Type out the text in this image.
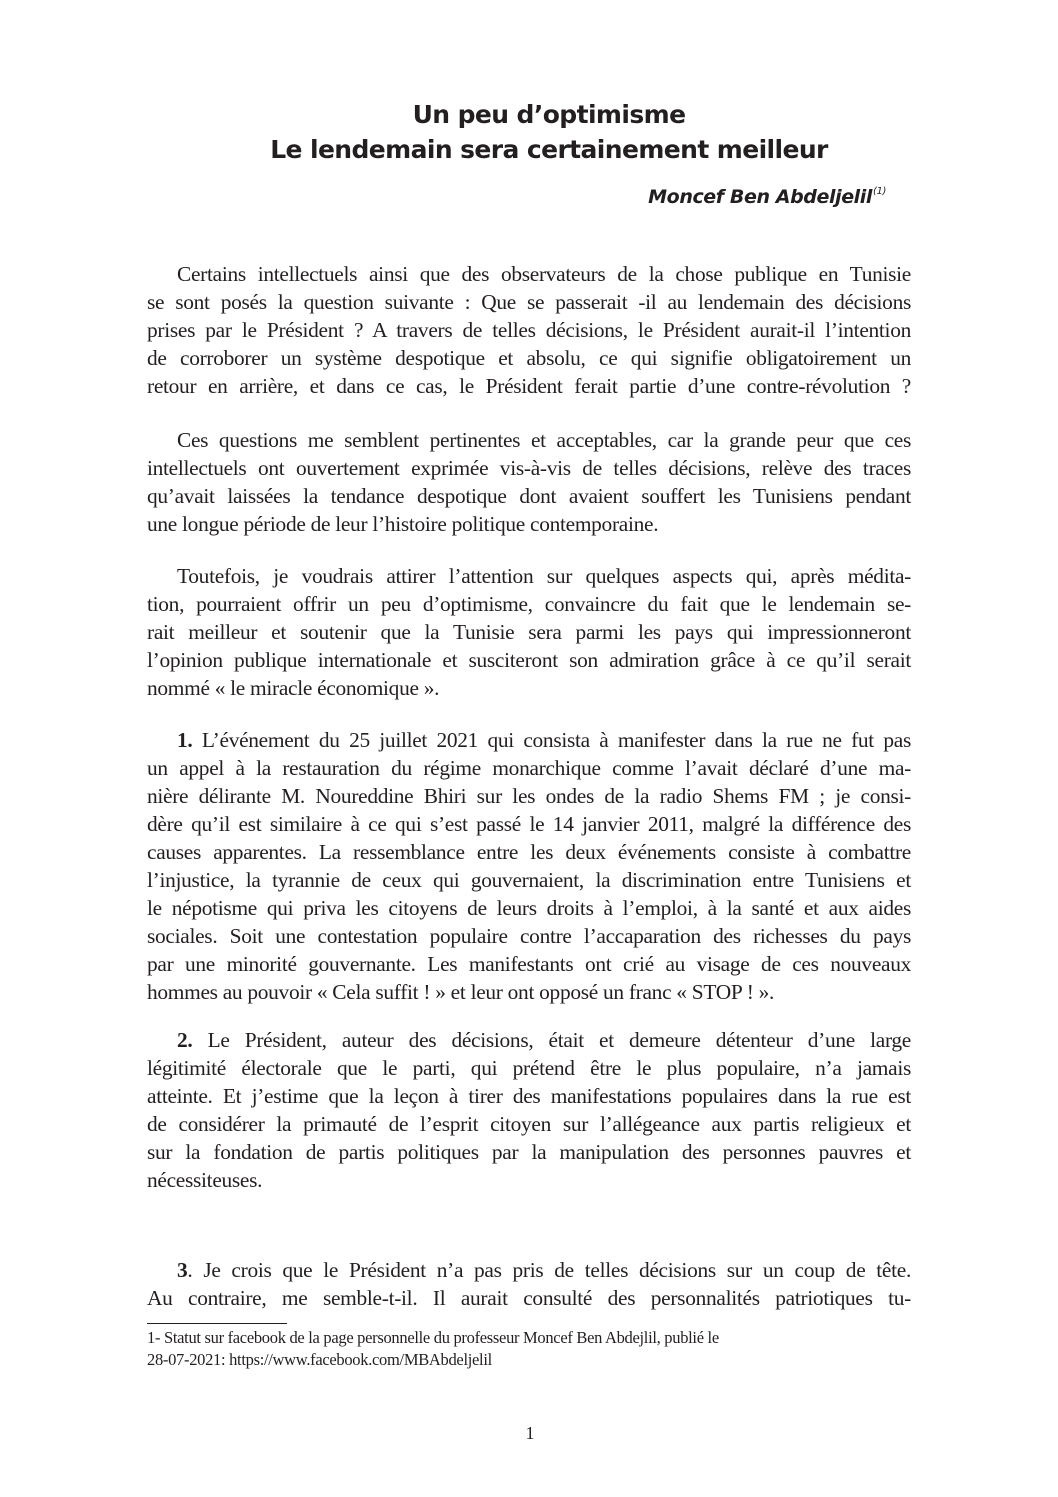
Un peu d’optimisme
Le lendemain sera certainement meilleur
Moncef Ben Abdeljelil$^{(1)}$
Certains intellectuels ainsi que des observateurs de la chose publique en Tunisie
se sont posés la question suivante : Que se passerait -il au lendemain des décisions
prises par le Président ? A travers de telles décisions, le Président aurait-il l’intention
de corroborer un système despotique et absolu, ce qui signifie obligatoirement un
retour en arrière, et dans ce cas, le Président ferait partie d’une contre-révolution ?
Ces questions me semblent pertinentes et acceptables, car la grande peur que ces
intellectuels ont ouvertement exprimée vis-à-vis de telles décisions, relève des traces
qu’avait laissées la tendance despotique dont avaient souffert les Tunisiens pendant
une longue période de leur l’histoire politique contemporaine.
Toutefois, je voudrais attirer l’attention sur quelques aspects qui, après médita-
tion, pourraient offrir un peu d’optimisme, convaincre du fait que le lendemain se-
rait meilleur et soutenir que la Tunisie sera parmi les pays qui impressionneront
l’opinion publique internationale et susciteront son admiration grâce à ce qu’il serait
nommé « le miracle économique ».
1. L’événement du 25 juillet 2021 qui consista à manifester dans la rue ne fut pas
un appel à la restauration du régime monarchique comme l’avait déclaré d’une ma-
nière délirante M. Noureddine Bhiri sur les ondes de la radio Shems FM ; je consi-
dère qu’il est similaire à ce qui s’est passé le 14 janvier 2011, malgré la différence des
causes apparentes. La ressemblance entre les deux événements consiste à combattre
l’injustice, la tyrannie de ceux qui gouvernaient, la discrimination entre Tunisiens et
le népotisme qui priva les citoyens de leurs droits à l’emploi, à la santé et aux aides
sociales. Soit une contestation populaire contre l’accaparation des richesses du pays
par une minorité gouvernante. Les manifestants ont crié au visage de ces nouveaux
hommes au pouvoir « Cela suffit ! » et leur ont opposé un franc « STOP ! ».
2. Le Président, auteur des décisions, était et demeure détenteur d’une large
légitimité électorale que le parti, qui prétend être le plus populaire, n’a jamais
atteinte. Et j’estime que la leçon à tirer des manifestations populaires dans la rue est
de considérer la primauté de l’esprit citoyen sur l’allégeance aux partis religieux et
sur la fondation de partis politiques par la manipulation des personnes pauvres et
nécessiteuses.
3. Je crois que le Président n’a pas pris de telles décisions sur un coup de tête.
Au contraire, me semble-t-il. Il aurait consulté des personnalités patriotiques tu-
1- Statut sur facebook de la page personnelle du professeur Moncef Ben Abdejlil, publié le
28-07-2021: https://www.facebook.com/MBAbdeljelil
1
